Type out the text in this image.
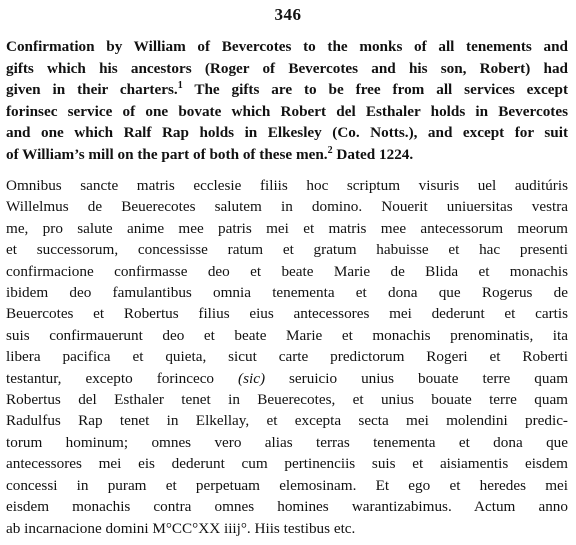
346
Confirmation by William of Bevercotes to the monks of all tenements and
gifts which his ancestors (Roger of Bevercotes and his son, Robert) had
given in their charters.$^1$ The gifts are to be free from all services except
forinsec service of one bovate which Robert del Esthaler holds in Bevercotes
and one which Ralf Rap holds in Elkesley (Co. Notts.), and except for suit
of William’s mill on the part of both of these men.$^2$ Dated 1224.
Omnibus sancte matris ecclesie filiis hoc scriptum visuris uel auditúris
Willelmus de Beuerecotes salutem in domino. Nouerit uniuersitas vestra
me, pro salute anime mee patris mei et matris mee antecessorum meorum
et successorum, concessisse ratum et gratum habuisse et hac presenti
confirmacione confirmasse deo et beate Marie de Blida et monachis
ibidem deo famulantibus omnia tenementa et dona que Rogerus de
Beuercotes et Robertus filius eius antecessores mei dederunt et cartis
suis confirmauerunt deo et beate Marie et monachis prenominatis, ita
libera pacifica et quieta, sicut carte predictorum Rogeri et Roberti
testantur, excepto forinceco (sic) seruicio unius bouate terre quam
Robertus del Esthaler tenet in Beuerecotes, et unius bouate terre quam
Radulfus Rap tenet in Elkellay, et excepta secta mei molendini predic-
torum hominum; omnes vero alias terras tenementa et dona que
antecessores mei eis dederunt cum pertinenciis suis et aisiamentis eisdem
concessi in puram et perpetuam elemosinam. Et ego et heredes mei
eisdem monachis contra omnes homines warantizabimus. Actum anno
ab incarnacione domini M°CC°XX iiij°. Hiis testibus etc.
